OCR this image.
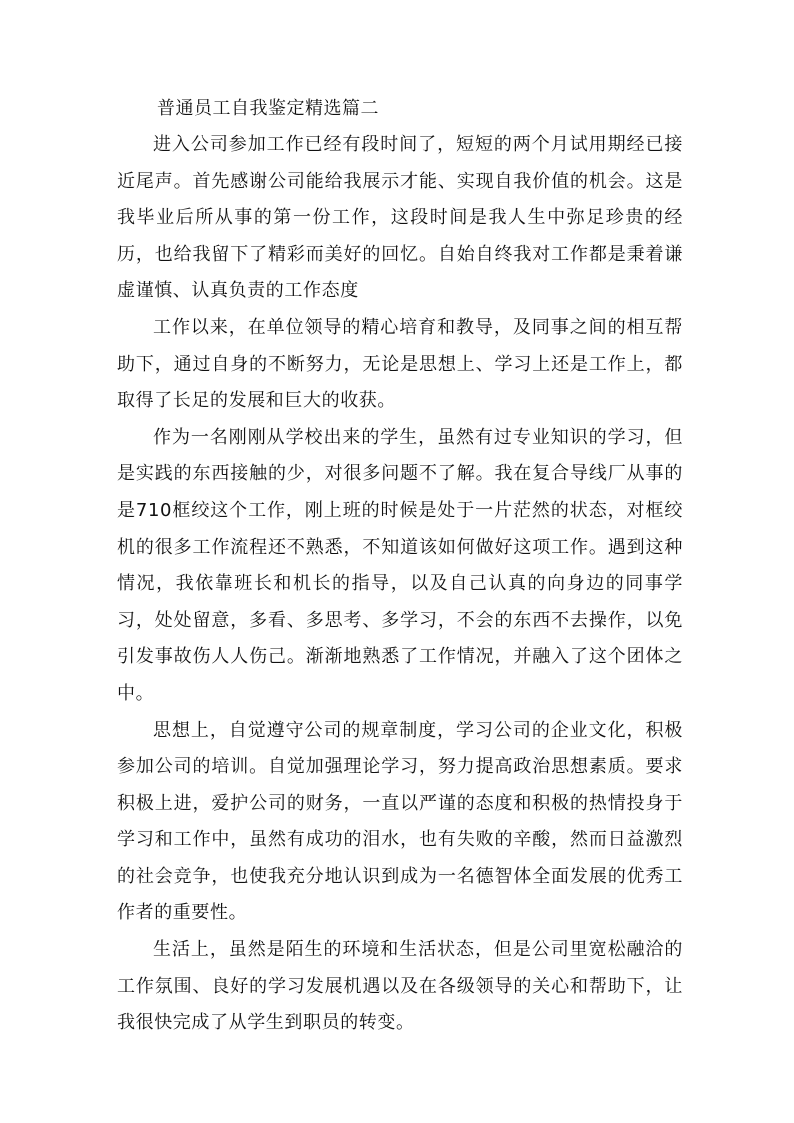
普通员工自我鉴定精选篇二

进入公司参加工作已经有段时间了，短短的两个月试用期经已接近尾声。首先感谢公司能给我展示才能、实现自我价值的机会。这是我毕业后所从事的第一份工作，这段时间是我人生中弥足珍贵的经历，也给我留下了精彩而美好的回忆。自始自终我对工作都是秉着谦虚谨慎、认真负责的工作态度

工作以来，在单位领导的精心培育和教导，及同事之间的相互帮助下，通过自身的不断努力，无论是思想上、学习上还是工作上，都取得了长足的发展和巨大的收获。

作为一名刚刚从学校出来的学生，虽然有过专业知识的学习，但是实践的东西接触的少，对很多问题不了解。我在复合导线厂从事的是710框绞这个工作，刚上班的时候是处于一片茫然的状态，对框绞机的很多工作流程还不熟悉，不知道该如何做好这项工作。遇到这种情况，我依靠班长和机长的指导，以及自己认真的向身边的同事学习，处处留意，多看、多思考、多学习，不会的东西不去操作，以免引发事故伤人人伤己。渐渐地熟悉了工作情况，并融入了这个团体之中。

思想上，自觉遵守公司的规章制度，学习公司的企业文化，积极参加公司的培训。自觉加强理论学习，努力提高政治思想素质。要求积极上进，爱护公司的财务，一直以严谨的态度和积极的热情投身于学习和工作中，虽然有成功的泪水，也有失败的辛酸，然而日益激烈的社会竞争，也使我充分地认识到成为一名德智体全面发展的优秀工作者的重要性。

生活上，虽然是陌生的环境和生活状态，但是公司里宽松融洽的工作氛围、良好的学习发展机遇以及在各级领导的关心和帮助下，让我很快完成了从学生到职员的转变。
